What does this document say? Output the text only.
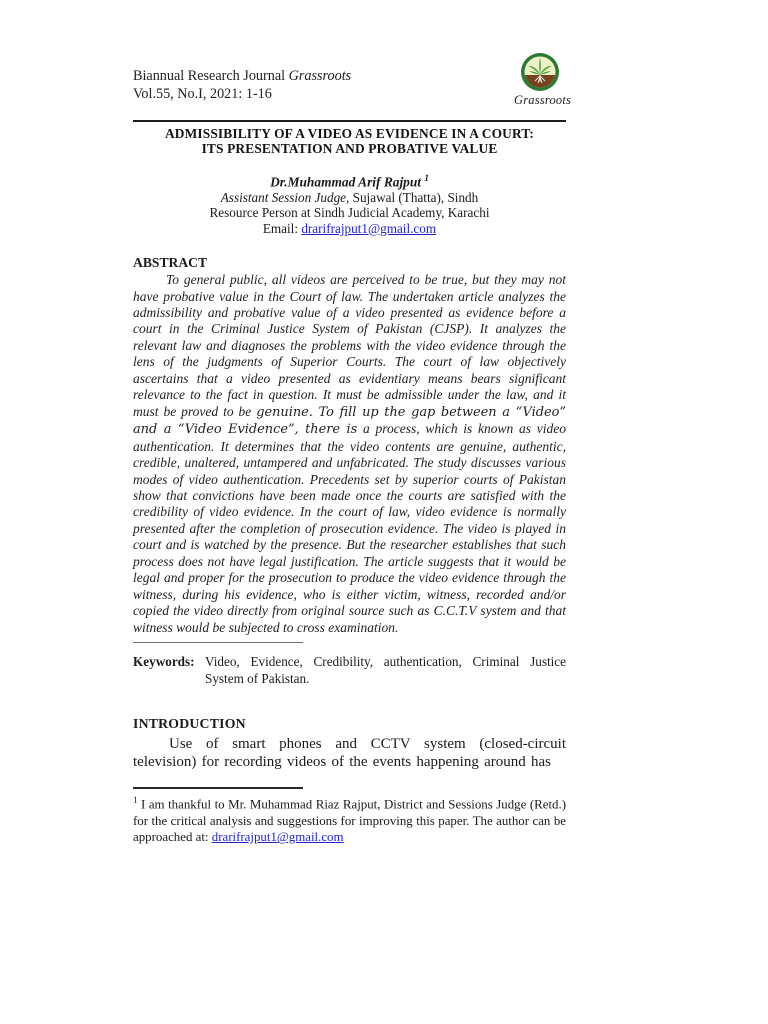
Biannual Research Journal Grassroots
Vol.55, No.I, 2021: 1-16	Grassroots
ADMISSIBILITY OF A VIDEO AS EVIDENCE IN A COURT:
ITS PRESENTATION AND PROBATIVE VALUE
Dr.Muhammad Arif Rajput $^1$
Assistant Session Judge, Sujawal (Thatta), Sindh
Resource Person at Sindh Judicial Academy, Karachi
Email: drarifrajput1@gmail.com
ABSTRACT
To general public, all videos are perceived to be true, but they may not have probative value in the Court of law. The undertaken article analyzes the admissibility and probative value of a video presented as evidence before a court in the Criminal Justice System of Pakistan (CJSP). It analyzes the relevant law and diagnoses the problems with the video evidence through the lens of the judgments of Superior Courts. The court of law objectively ascertains that a video presented as evidentiary means bears significant relevance to the fact in question. It must be admissible under the law, and it must be proved to be genuine. To fill up the gap between a “Video” and a “Video Evidence”, there is a process, which is known as video authentication. It determines that the video contents are genuine, authentic, credible, unaltered, untampered and unfabricated. The study discusses various modes of video authentication. Precedents set by superior courts of Pakistan show that convictions have been made once the courts are satisfied with the credibility of video evidence. In the court of law, video evidence is normally presented after the completion of prosecution evidence. The video is played in court and is watched by the presence. But the researcher establishes that such process does not have legal justification. The article suggests that it would be legal and proper for the prosecution to produce the video evidence through the witness, during his evidence, who is either victim, witness, recorded and/or copied the video directly from original source such as C.C.T.V system and that witness would be subjected to cross examination.
Keywords: Video, Evidence, Credibility, authentication, Criminal Justice System of Pakistan.
INTRODUCTION
Use of smart phones and CCTV system (closed-circuit television) for recording videos of the events happening around has
$^1$ I am thankful to Mr. Muhammad Riaz Rajput, District and Sessions Judge (Retd.) for the critical analysis and suggestions for improving this paper. The author can be approached at: drarifrajput1@gmail.com
